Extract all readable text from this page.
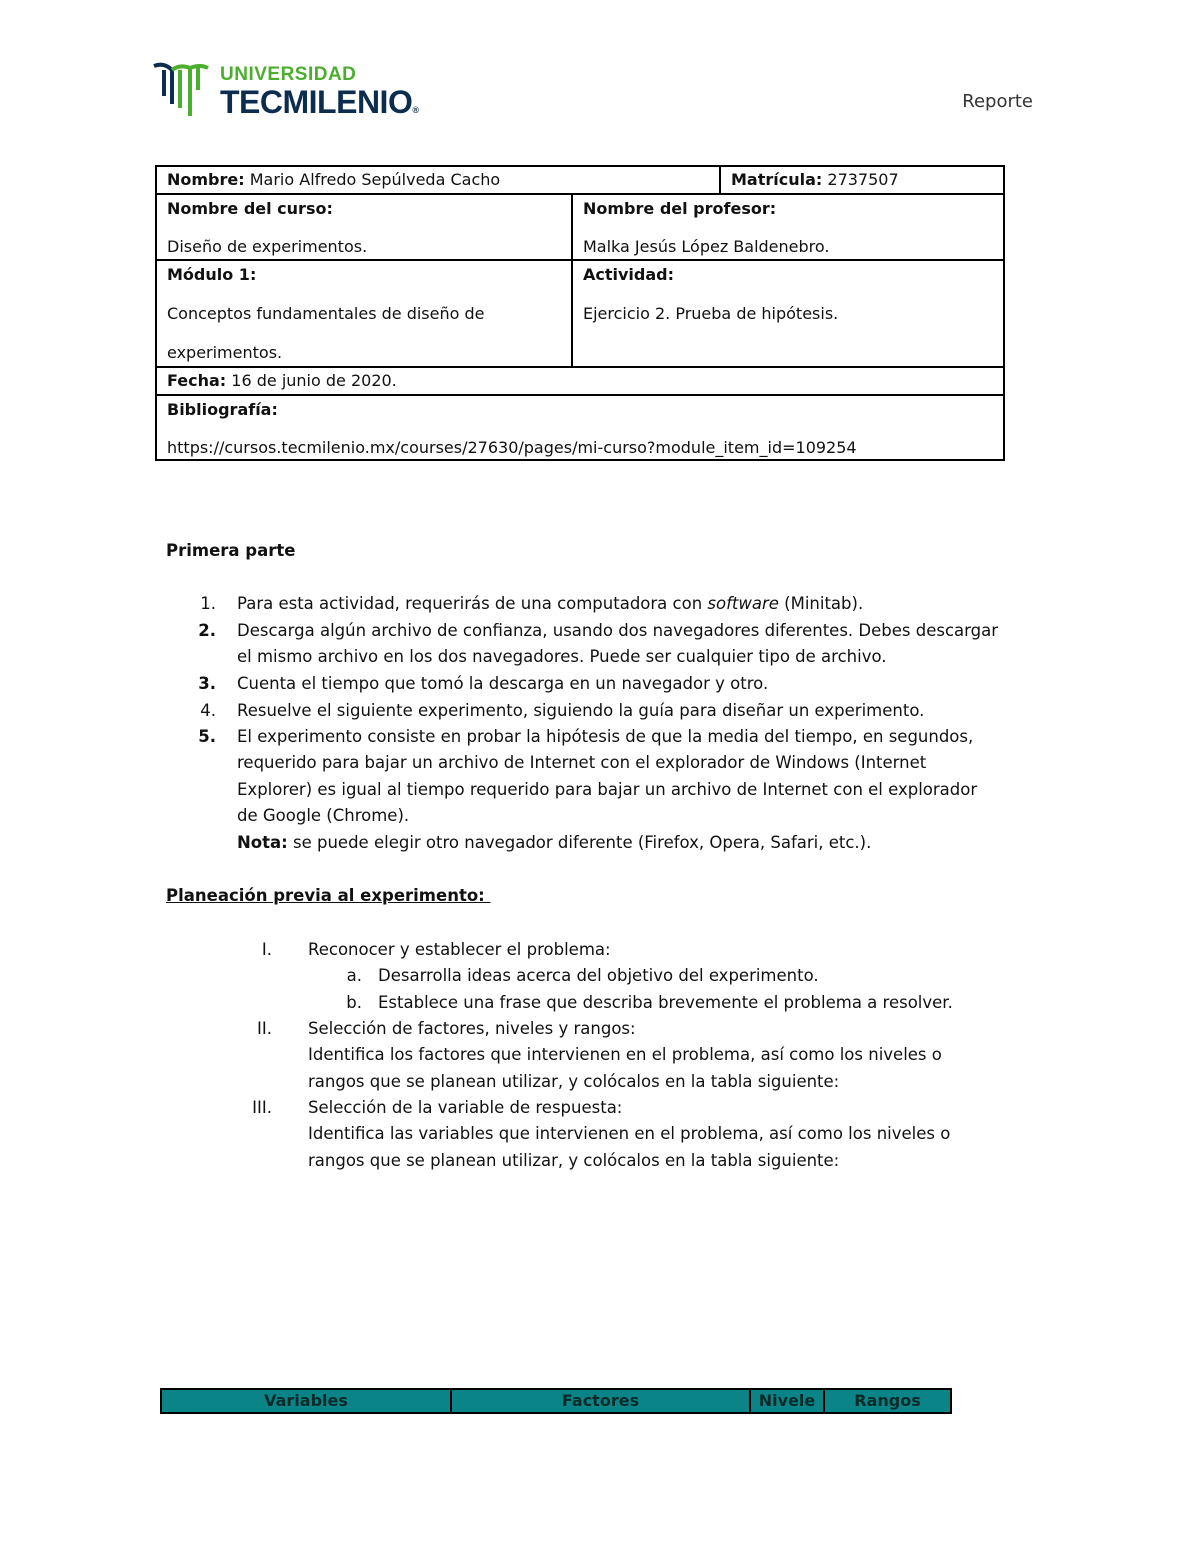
UNIVERSIDAD
TECMILENIO®	Reporte
Nombre: Mario Alfredo Sepúlveda Cacho	Matrícula: 2737507
Nombre del curso:
Diseño de experimentos.
Nombre del profesor:
Malka Jesús López Baldenebro.
Módulo 1:
Conceptos fundamentales de diseño de
experimentos.
Actividad:
Ejercicio 2. Prueba de hipótesis.
Fecha: 16 de junio de 2020.
Bibliografía:
https://cursos.tecmilenio.mx/courses/27630/pages/mi-curso?module_item_id=109254
Primera parte
1. Para esta actividad, requerirás de una computadora con software (Minitab).
2. Descarga algún archivo de confianza, usando dos navegadores diferentes. Debes descargar
el mismo archivo en los dos navegadores. Puede ser cualquier tipo de archivo.
3. Cuenta el tiempo que tomó la descarga en un navegador y otro.
4. Resuelve el siguiente experimento, siguiendo la guía para diseñar un experimento.
5. El experimento consiste en probar la hipótesis de que la media del tiempo, en segundos,
requerido para bajar un archivo de Internet con el explorador de Windows (Internet
Explorer) es igual al tiempo requerido para bajar un archivo de Internet con el explorador
de Google (Chrome).
Nota: se puede elegir otro navegador diferente (Firefox, Opera, Safari, etc.).
Planeación previa al experimento:
I. Reconocer y establecer el problema:
a. Desarrolla ideas acerca del objetivo del experimento.
b. Establece una frase que describa brevemente el problema a resolver.
II. Selección de factores, niveles y rangos:
Identifica los factores que intervienen en el problema, así como los niveles o
rangos que se planean utilizar, y colócalos en la tabla siguiente:
III. Selección de la variable de respuesta:
Identifica las variables que intervienen en el problema, así como los niveles o
rangos que se planean utilizar, y colócalos en la tabla siguiente:
Variables	Factores	Nivele	Rangos
